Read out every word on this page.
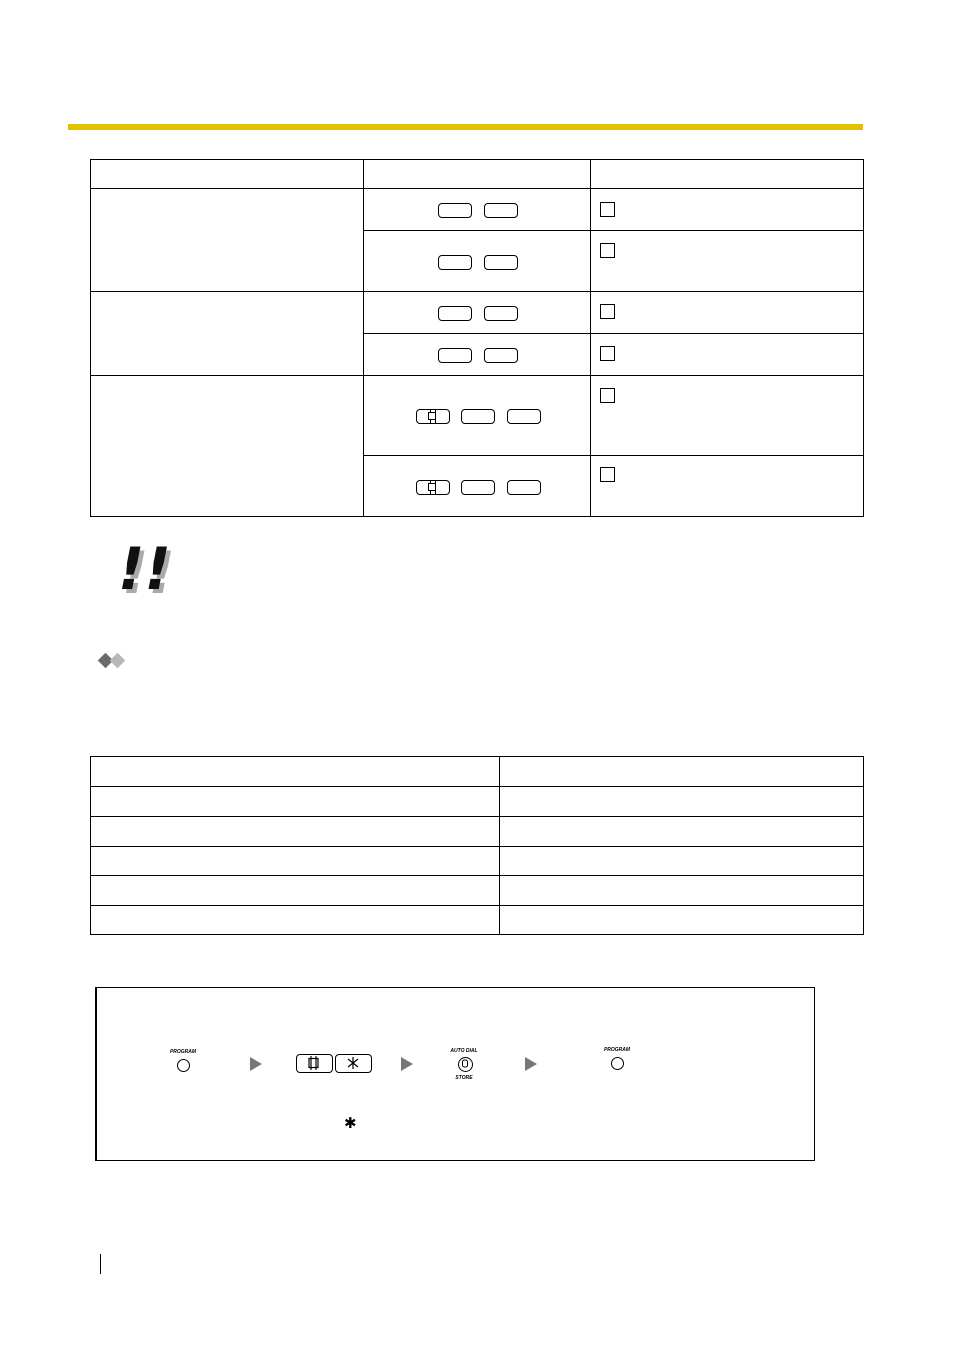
!!
PROGRAM	AUTO DIAL
STORE
PROGRAM
✱
